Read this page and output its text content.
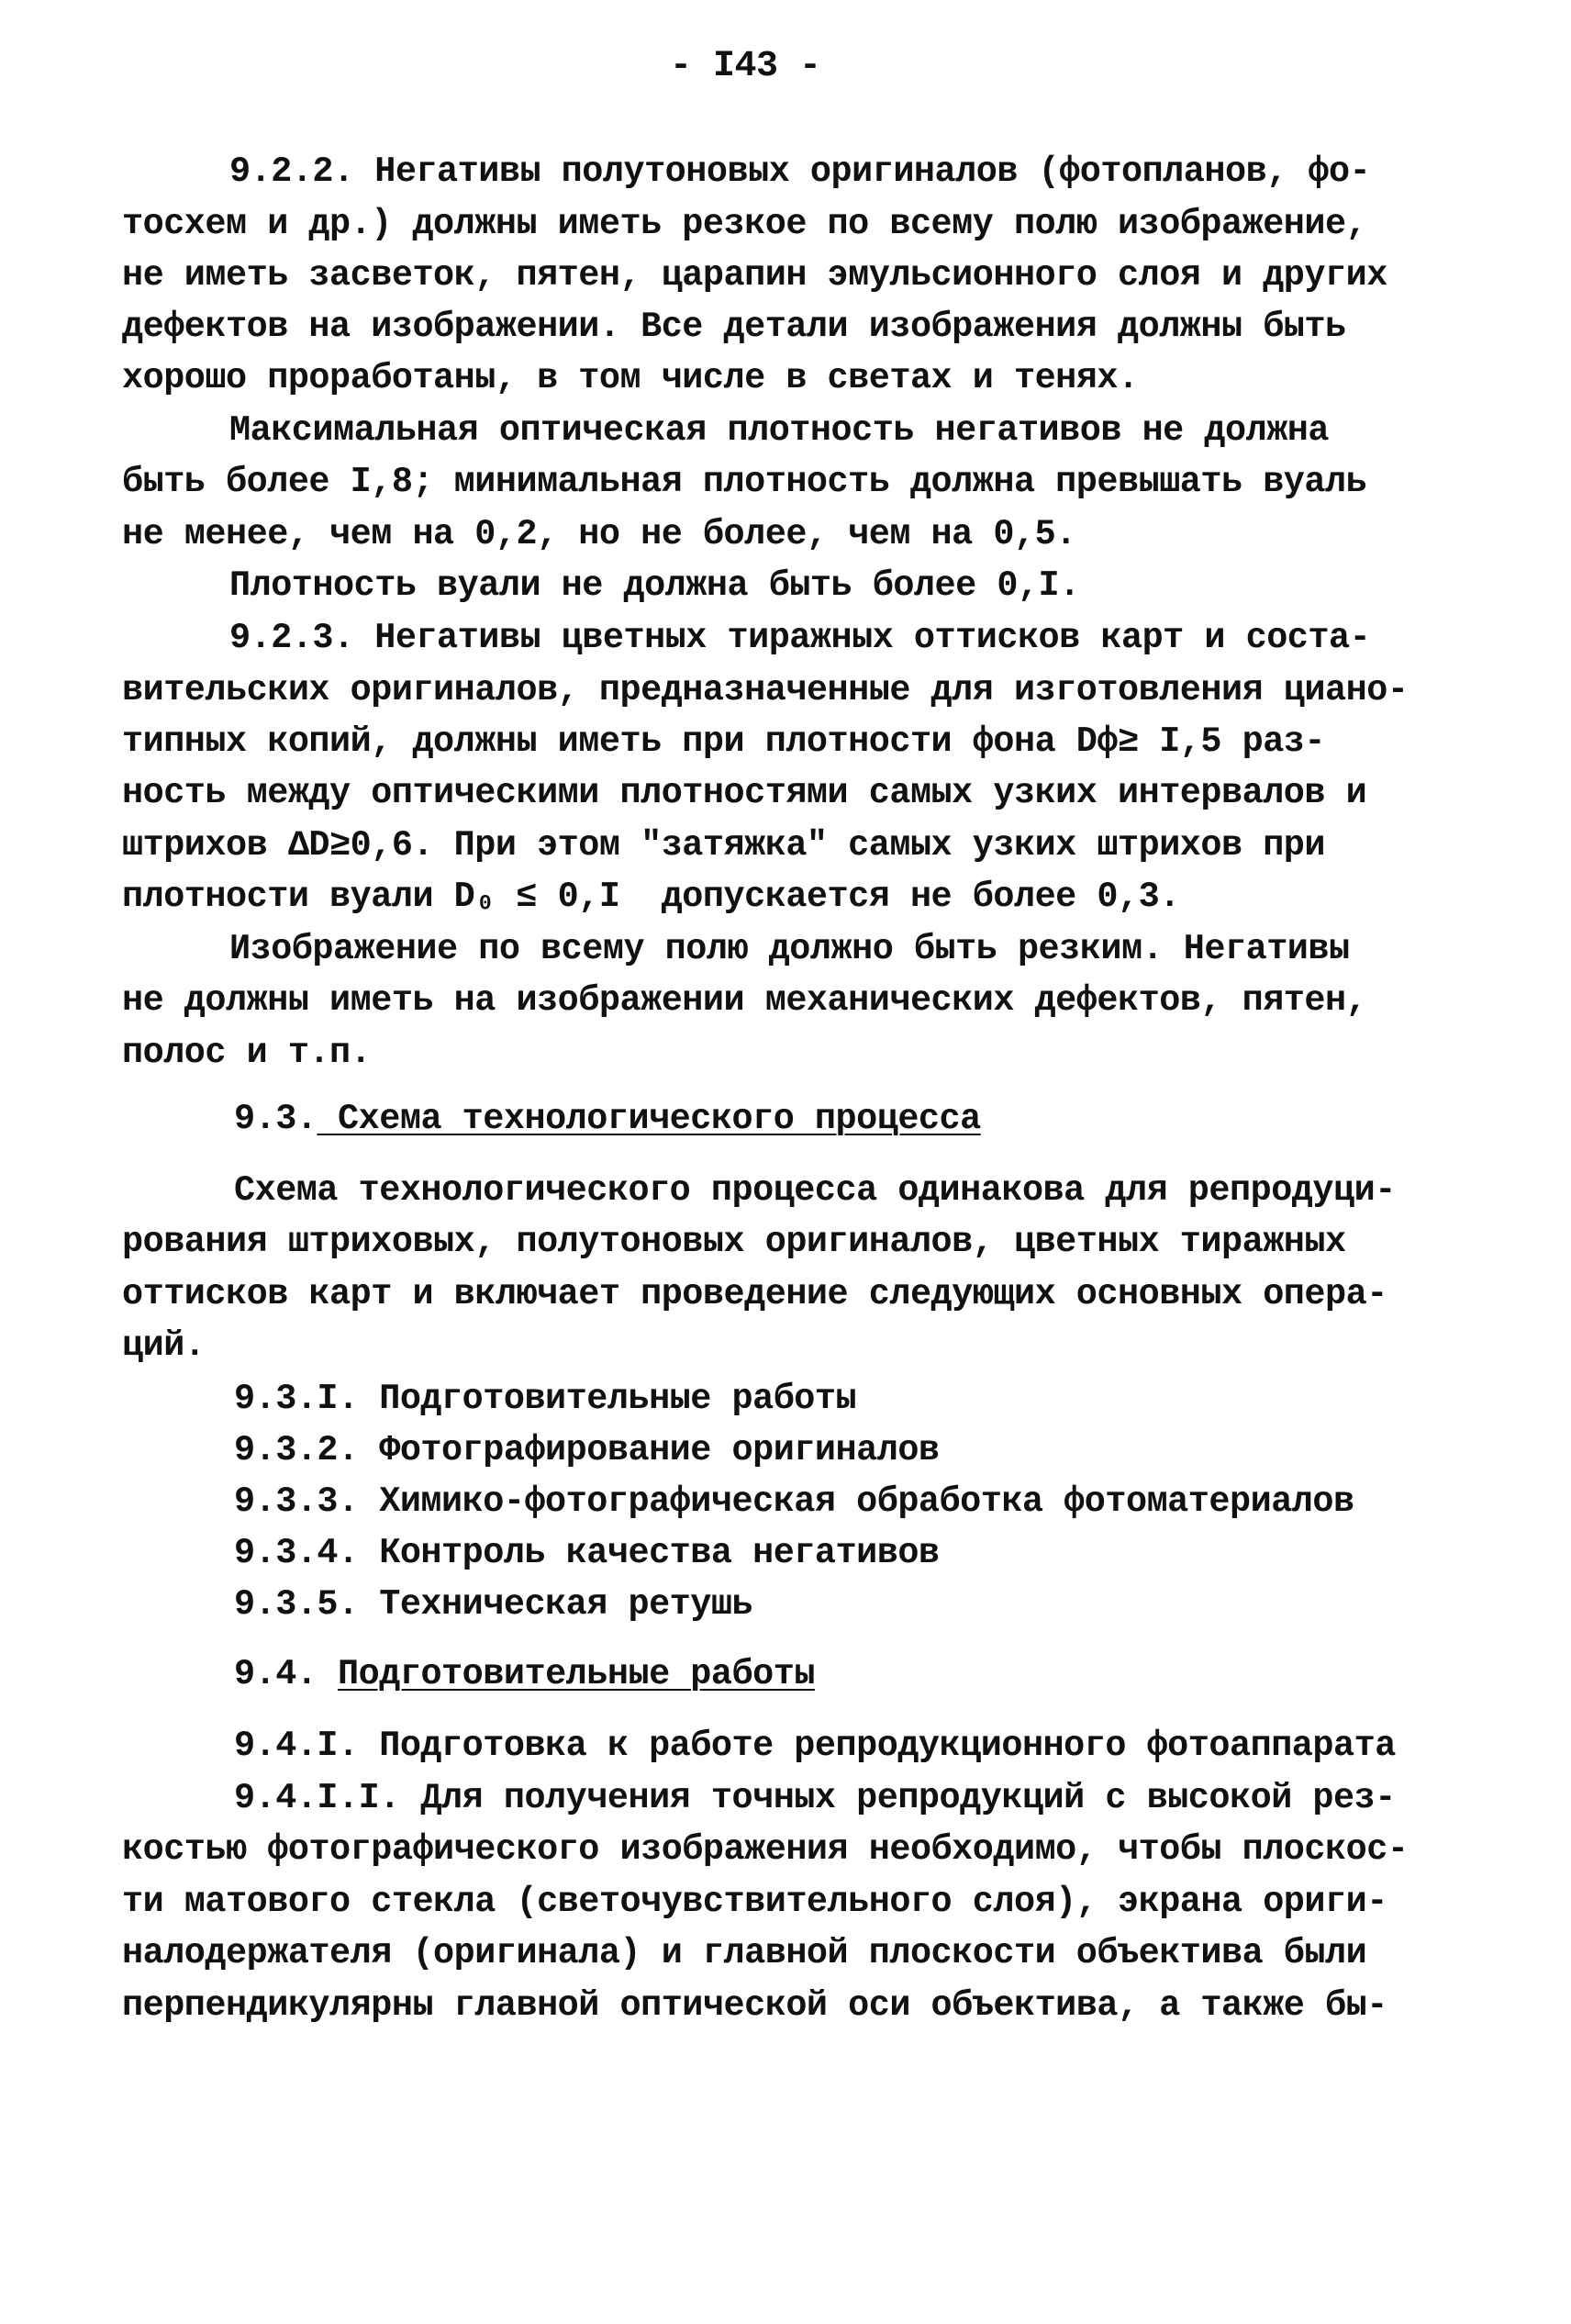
- I43 -
9.2.2. Негативы полутоновых оригиналов (фотопланов, фо-
тосхем и др.) должны иметь резкое по всему полю изображение,
не иметь засветок, пятен, царапин эмульсионного слоя и других
дефектов на изображении. Все детали изображения должны быть
хорошо проработаны, в том числе в светах и тенях.
Максимальная оптическая плотность негативов не должна
быть более I,8; минимальная плотность должна превышать вуаль
не менее, чем на 0,2, но не более, чем на 0,5.
Плотность вуали не должна быть более 0,I.
9.2.3. Негативы цветных тиражных оттисков карт и соста-
вительских оригиналов, предназначенные для изготовления циано-
типных копий, должны иметь при плотности фона Dф≥ I,5 раз-
ность между оптическими плотностями самых узких интервалов и
штрихов ∆D≥0,6. При этом "затяжка" самых узких штрихов при
плотности вуали D₀ ≤ 0,I  допускается не более 0,3.
Изображение по всему полю должно быть резким. Негативы
не должны иметь на изображении механических дефектов, пятен,
полос и т.п.
9.3. Схема технологического процесса
Схема технологического процесса одинакова для репродуци-
рования штриховых, полутоновых оригиналов, цветных тиражных
оттисков карт и включает проведение следующих основных опера-
ций.
9.3.I. Подготовительные работы
9.3.2. Фотографирование оригиналов
9.3.3. Химико-фотографическая обработка фотоматериалов
9.3.4. Контроль качества негативов
9.3.5. Техническая ретушь
9.4. Подготовительные работы
9.4.I. Подготовка к работе репродукционного фотоаппарата
9.4.I.I. Для получения точных репродукций с высокой рез-
костью фотографического изображения необходимо, чтобы плоскос-
ти матового стекла (светочувствительного слоя), экрана ориги-
налодержателя (оригинала) и главной плоскости объектива были
перпендикулярны главной оптической оси объектива, а также бы-
